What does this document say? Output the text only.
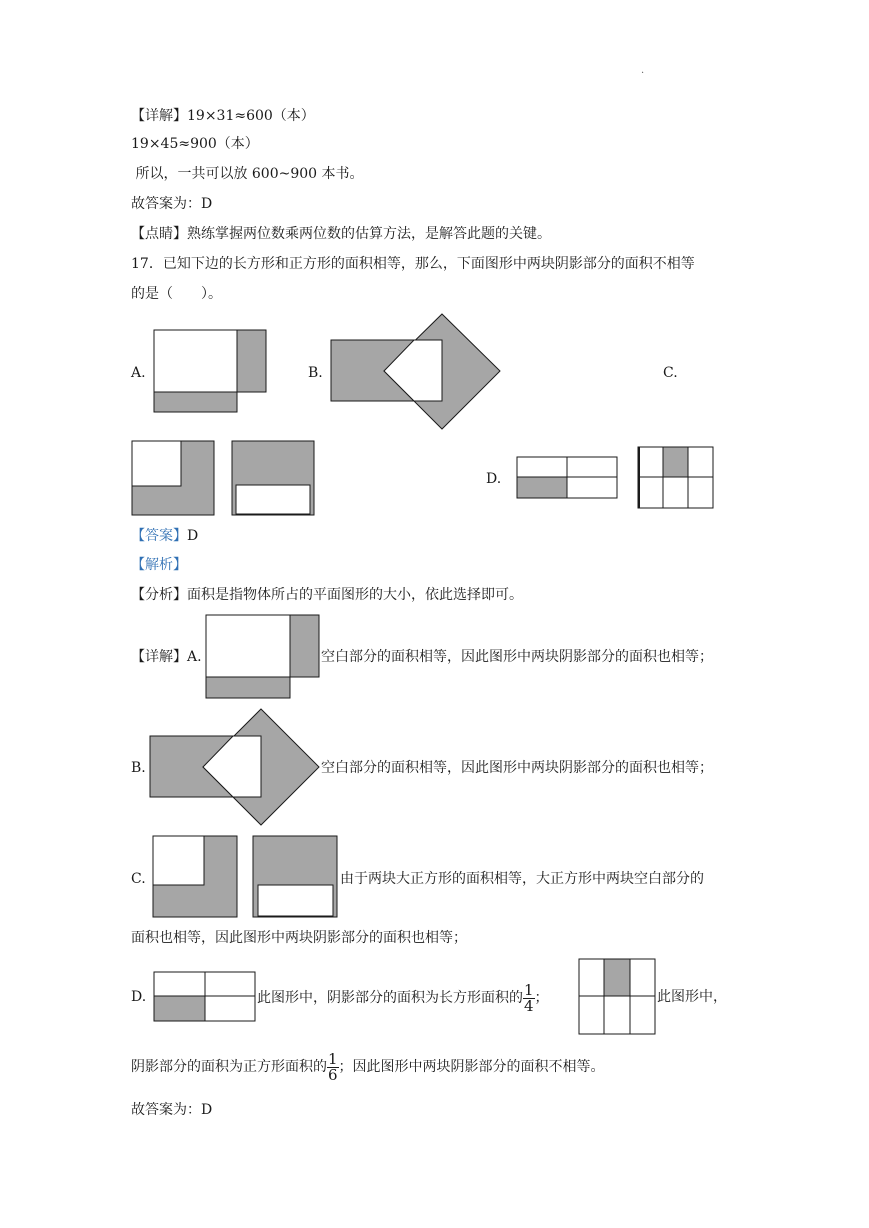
·
【详解】19×31≈600（本）
19×45≈900（本）
所以，一共可以放 600~900 本书。
故答案为：D
【点睛】熟练掌握两位数乘两位数的估算方法，是解答此题的关键。
17．已知下边的长方形和正方形的面积相等，那么，下面图形中两块阴影部分的面积不相等
的是（　　）。
A.	B.	C.
D.
【答案】D
【解析】
【分析】面积是指物体所占的平面图形的大小，依此选择即可。
【详解】A.	空白部分的面积相等，因此图形中两块阴影部分的面积也相等；
B.	空白部分的面积相等，因此图形中两块阴影部分的面积也相等；
C.	由于两块大正方形的面积相等，大正方形中两块空白部分的
面积也相等，因此图形中两块阴影部分的面积也相等；
D.	此图形中，阴影部分的面积为长方形面积的 $\frac{1}{4}$ ；	此图形中，
阴影部分的面积为正方形面积的 $\frac{1}{6}$ ；因此图形中两块阴影部分的面积不相等。
故答案为：D
